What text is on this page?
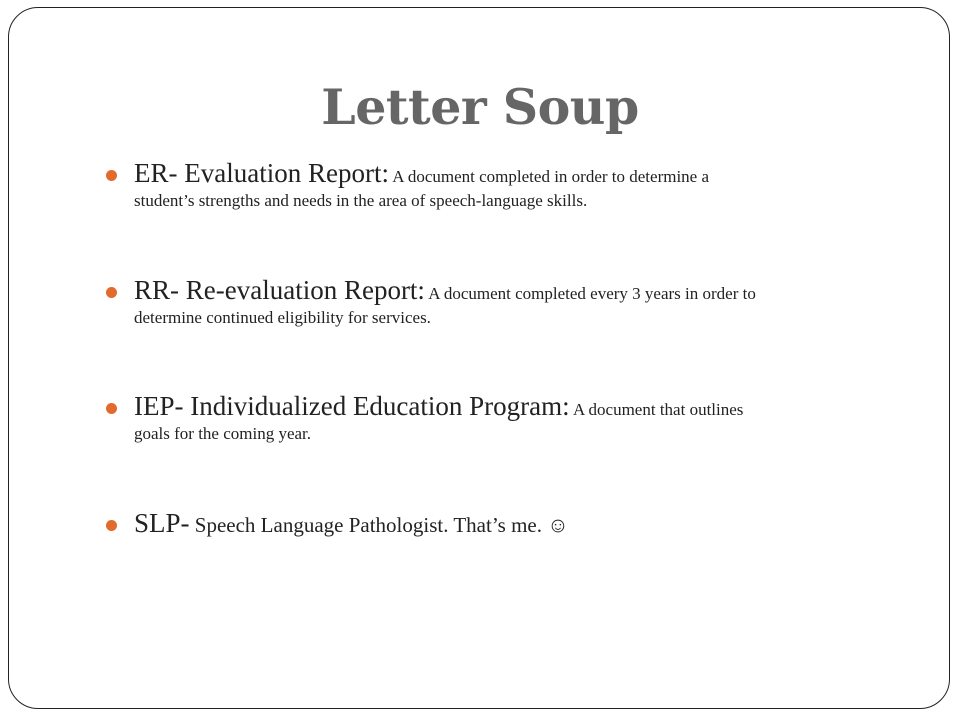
Letter Soup
ER- Evaluation Report: A document completed in order to determine a
student’s strengths and needs in the area of speech-language skills.
RR- Re-evaluation Report: A document completed every 3 years in order to
determine continued eligibility for services.
IEP- Individualized Education Program: A document that outlines
goals for the coming year.
SLP- Speech Language Pathologist. That’s me. ☺
